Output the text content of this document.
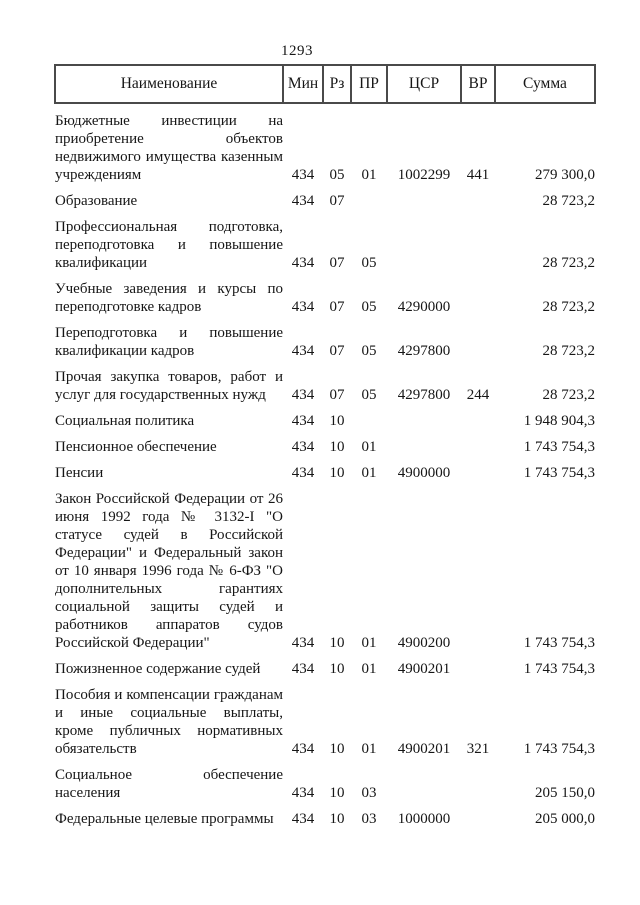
1293
Наименование	Мин	Рз	ПР	ЦСР	ВР	Сумма
Бюджетные инвестиции на приобретение объектов недвижимого имущества казенным учреждениям	434	05	01	1002299	441	279 300,0
Образование	434	07				28 723,2
Профессиональная подготовка, переподготовка и повышение квалификации	434	07	05			28 723,2
Учебные заведения и курсы по переподготовке кадров	434	07	05	4290000		28 723,2
Переподготовка и повышение квалификации кадров	434	07	05	4297800		28 723,2
Прочая закупка товаров, работ и услуг для государственных нужд	434	07	05	4297800	244	28 723,2
Социальная политика	434	10				1 948 904,3
Пенсионное обеспечение	434	10	01			1 743 754,3
Пенсии	434	10	01	4900000		1 743 754,3
Закон Российской Федерации от 26 июня 1992 года № 3132-I "О статусе судей в Российской Федерации" и Федеральный закон от 10 января 1996 года № 6-ФЗ "О дополнительных гарантиях социальной защиты судей и работников аппаратов судов Российской Федерации"	434	10	01	4900200		1 743 754,3
Пожизненное содержание судей	434	10	01	4900201		1 743 754,3
Пособия и компенсации гражданам и иные социальные выплаты, кроме публичных нормативных обязательств	434	10	01	4900201	321	1 743 754,3
Социальное обеспечение населения	434	10	03			205 150,0
Федеральные целевые программы	434	10	03	1000000		205 000,0
